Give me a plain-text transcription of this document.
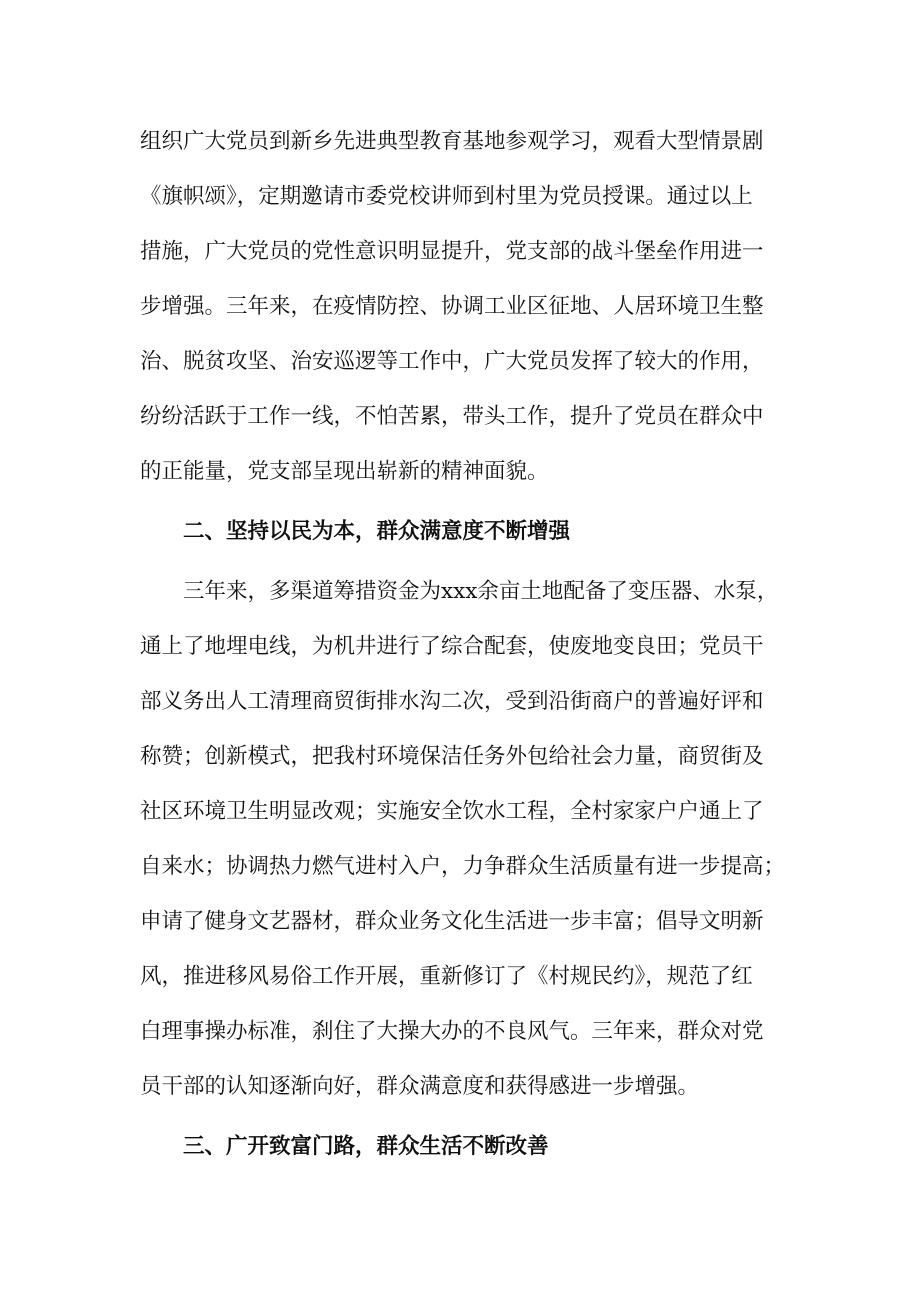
组织广大党员到新乡先进典型教育基地参观学习，观看大型情景剧
《旗帜颂》，定期邀请市委党校讲师到村里为党员授课。通过以上
措施，广大党员的党性意识明显提升，党支部的战斗堡垒作用进一
步增强。三年来，在疫情防控、协调工业区征地、人居环境卫生整
治、脱贫攻坚、治安巡逻等工作中，广大党员发挥了较大的作用，
纷纷活跃于工作一线，不怕苦累，带头工作，提升了党员在群众中
的正能量，党支部呈现出崭新的精神面貌。
二、坚持以民为本，群众满意度不断增强
三年来，多渠道筹措资金为xxx余亩土地配备了变压器、水泵，
通上了地埋电线，为机井进行了综合配套，使废地变良田；党员干
部义务出人工清理商贸街排水沟二次，受到沿街商户的普遍好评和
称赞；创新模式，把我村环境保洁任务外包给社会力量，商贸街及
社区环境卫生明显改观；实施安全饮水工程，全村家家户户通上了
自来水；协调热力燃气进村入户，力争群众生活质量有进一步提高；
申请了健身文艺器材，群众业务文化生活进一步丰富；倡导文明新
风，推进移风易俗工作开展，重新修订了《村规民约》，规范了红
白理事操办标准，刹住了大操大办的不良风气。三年来，群众对党
员干部的认知逐渐向好，群众满意度和获得感进一步增强。
三、广开致富门路，群众生活不断改善
